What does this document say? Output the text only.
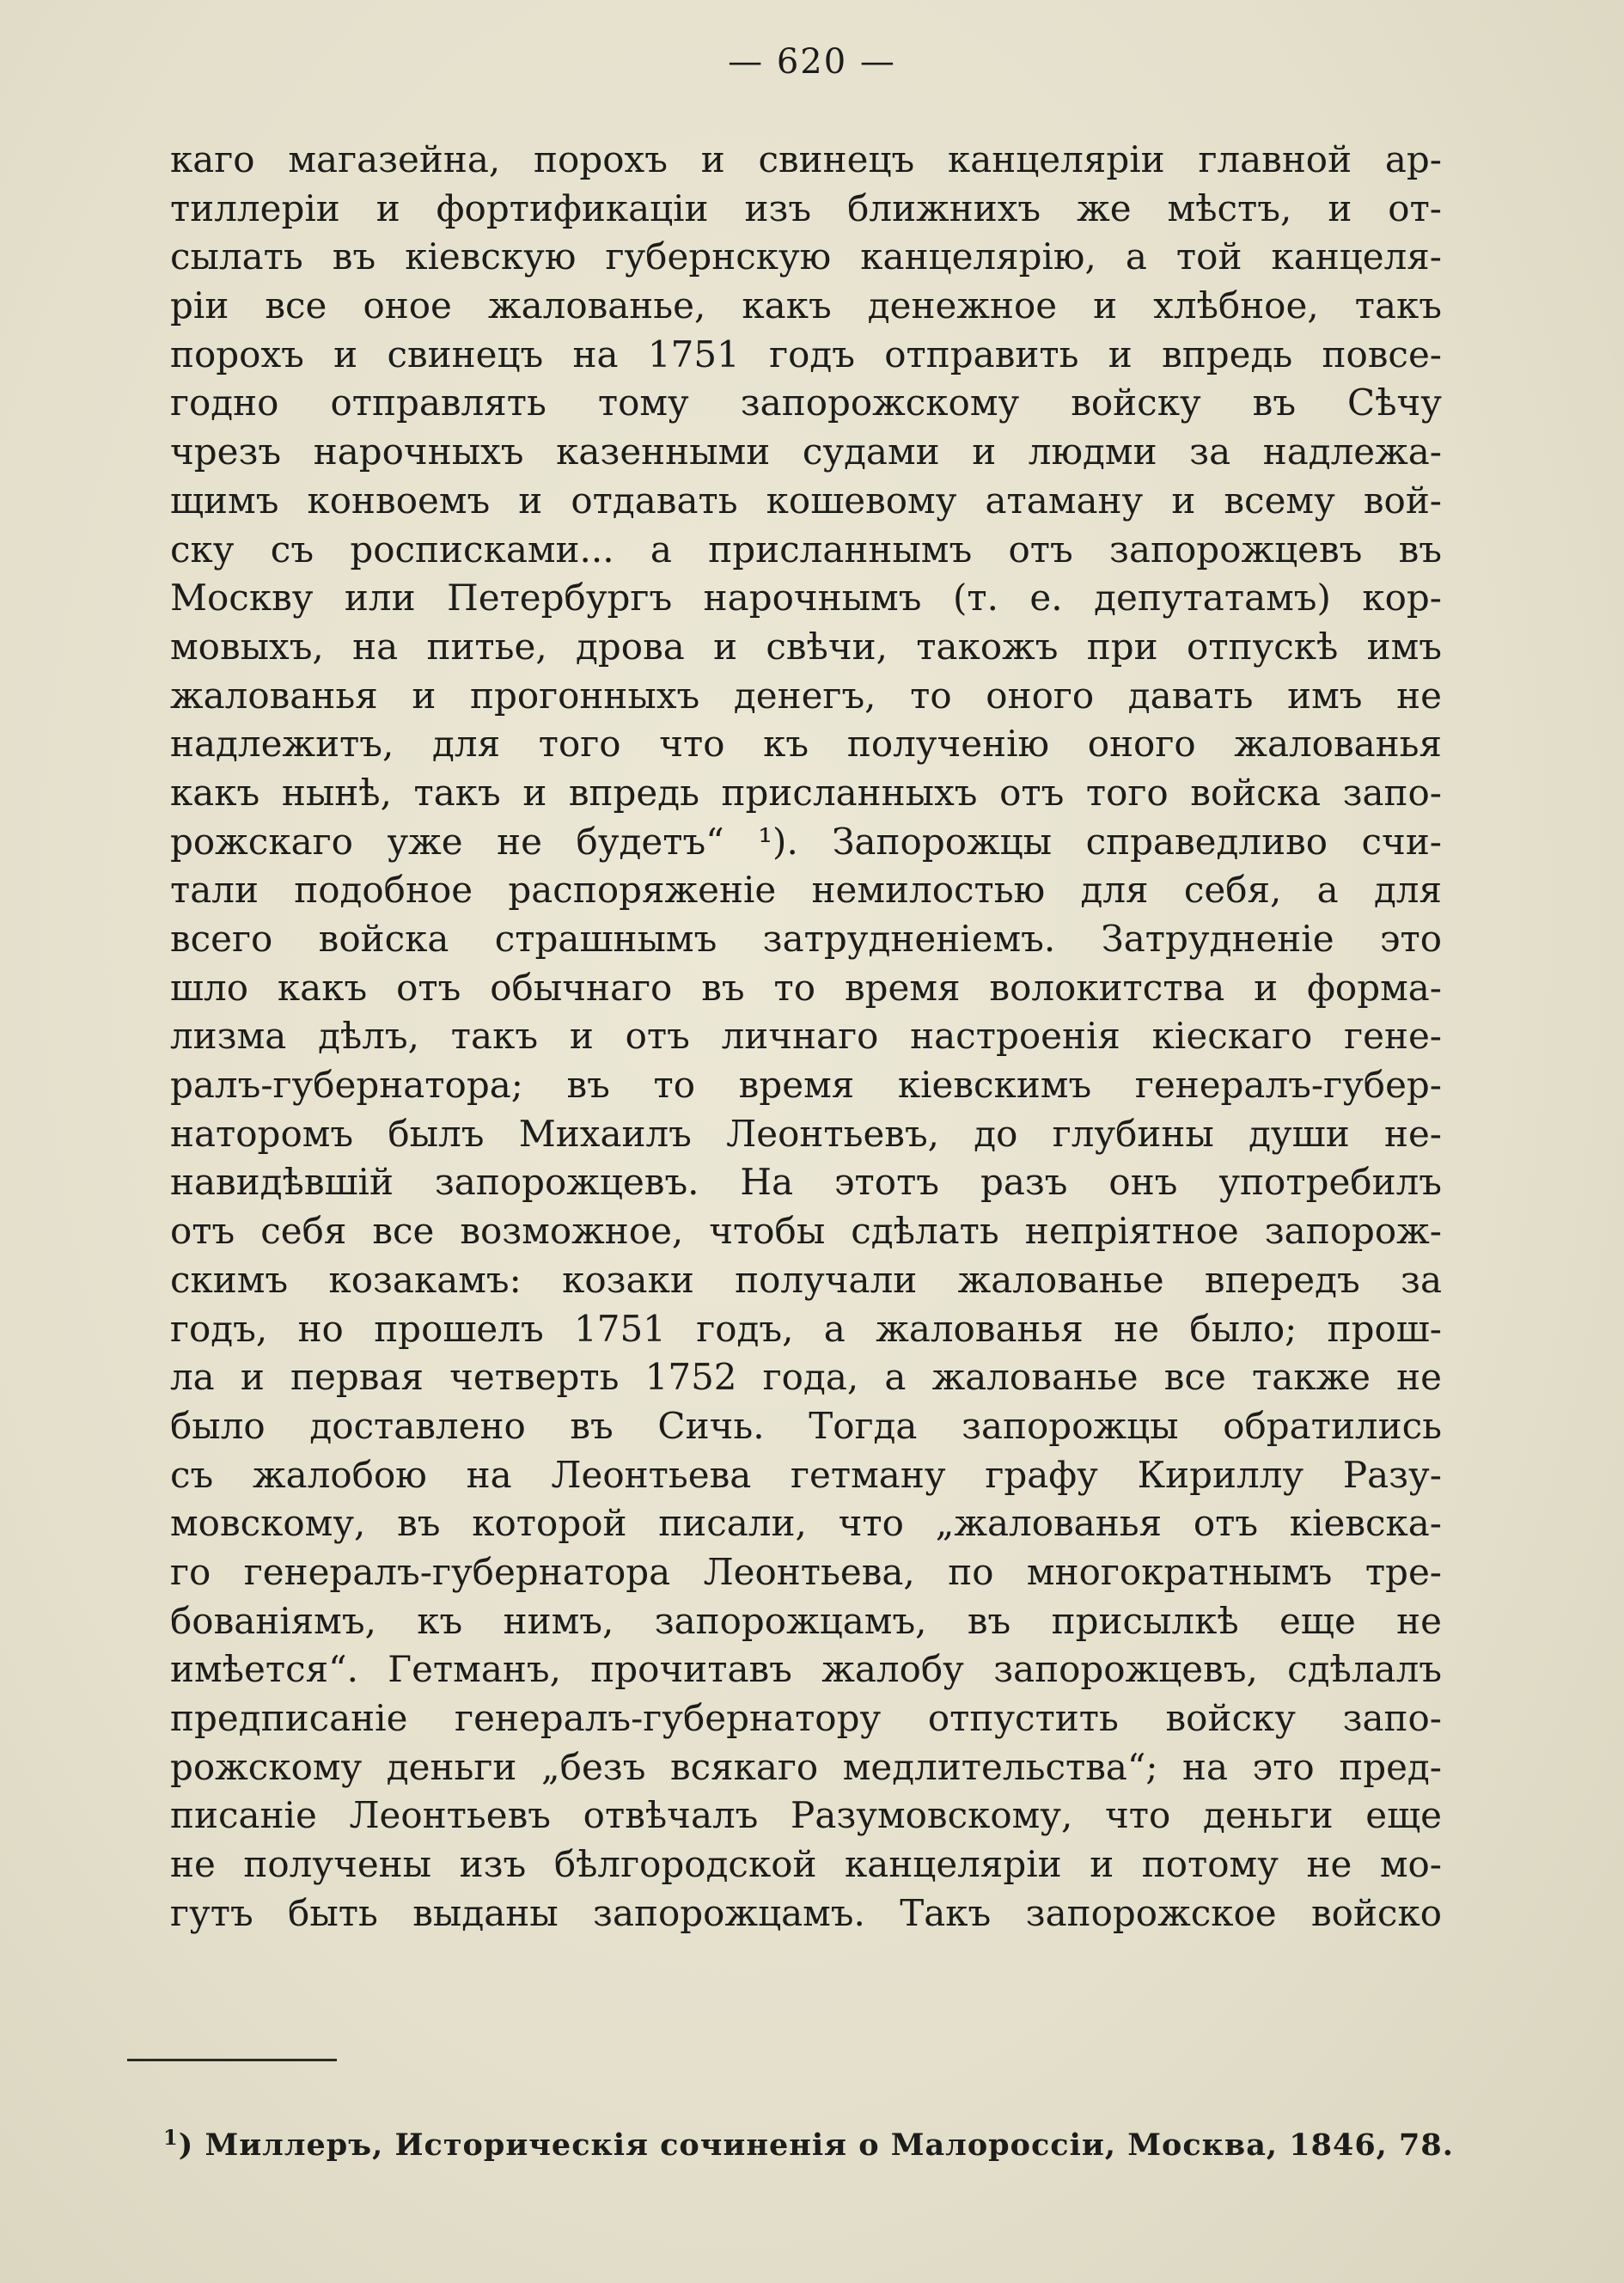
— 620 —
каго магазейна, порохъ и свинецъ канцеляріи главной ар-
тиллеріи и фортификаціи изъ ближнихъ же мѣстъ, и от-
сылать въ кіевскую губернскую канцелярію, а той канцеля-
ріи все оное жалованье, какъ денежное и хлѣбное, такъ
порохъ и свинецъ на 1751 годъ отправить и впредь повсе-
годно отправлять тому запорожскому войску въ Сѣчу
чрезъ нарочныхъ казенными судами и людми за надлежа-
щимъ конвоемъ и отдавать кошевому атаману и всему вой-
ску съ росписками... а присланнымъ отъ запорожцевъ въ
Москву или Петербургъ нарочнымъ (т. е. депутатамъ) кор-
мовыхъ, на питье, дрова и свѣчи, такожъ при отпускѣ имъ
жалованья и прогонныхъ денегъ, то оного давать имъ не
надлежитъ, для того что къ полученію оного жалованья
какъ нынѣ, такъ и впредь присланныхъ отъ того войска запо-
рожскаго уже не будетъ“ ¹). Запорожцы справедливо счи-
тали подобное распоряженіе немилостью для себя, а для
всего войска страшнымъ затрудненіемъ. Затрудненіе это
шло какъ отъ обычнаго въ то время волокитства и форма-
лизма дѣлъ, такъ и отъ личнаго настроенія кіескаго гене-
ралъ-губернатора; въ то время кіевскимъ генералъ-губер-
наторомъ былъ Михаилъ Леонтьевъ, до глубины души не-
навидѣвшій запорожцевъ. На этотъ разъ онъ употребилъ
отъ себя все возможное, чтобы сдѣлать непріятное запорож-
скимъ козакамъ: козаки получали жалованье впередъ за
годъ, но прошелъ 1751 годъ, а жалованья не было; прош-
ла и первая четверть 1752 года, а жалованье все также не
было доставлено въ Сичь. Тогда запорожцы обратились
съ жалобою на Леонтьева гетману графу Кириллу Разу-
мовскому, въ которой писали, что „жалованья отъ кіевска-
го генералъ-губернатора Леонтьева, по многократнымъ тре-
бованіямъ, къ нимъ, запорожцамъ, въ присылкѣ еще не
имѣется“. Гетманъ, прочитавъ жалобу запорожцевъ, сдѣлалъ
предписаніе генералъ-губернатору отпустить войску запо-
рожскому деньги „безъ всякаго медлительства“; на это пред-
писаніе Леонтьевъ отвѣчалъ Разумовскому, что деньги еще
не получены изъ бѣлгородской канцеляріи и потому не мо-
гутъ быть выданы запорожцамъ. Такъ запорожское войско
$^1$) Миллеръ, Историческія сочиненія о Малороссіи, Москва, 1846, 78.
